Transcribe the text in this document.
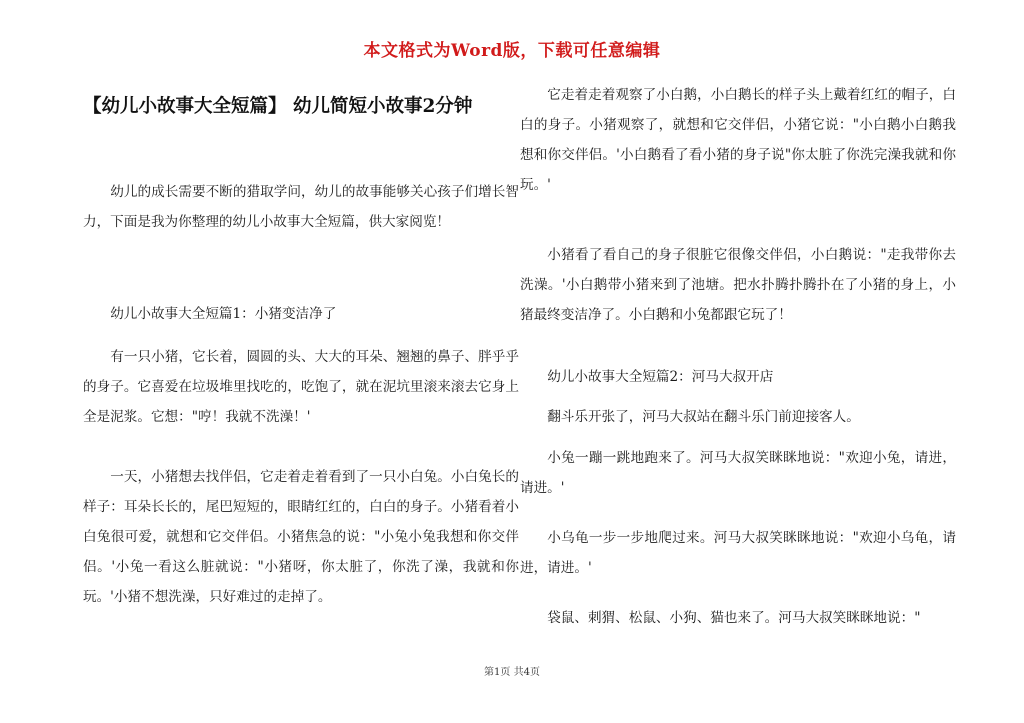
本文格式为Word版，下载可任意编辑
【幼儿小故事大全短篇】 幼儿简短小故事2分钟

幼儿的成长需要不断的猎取学问，幼儿的故事能够关心孩子们增长智力，下面是我为你整理的幼儿小故事大全短篇，供大家阅览！

幼儿小故事大全短篇1：小猪变洁净了

有一只小猪，它长着，圆圆的头、大大的耳朵、翘翘的鼻子、胖乎乎的身子。它喜爱在垃圾堆里找吃的，吃饱了，就在泥坑里滚来滚去它身上全是泥浆。它想："哼！我就不洗澡！'

一天，小猪想去找伴侣，它走着走着看到了一只小白兔。小白兔长的样子：耳朵长长的，尾巴短短的，眼睛红红的，白白的身子。小猪看着小白兔很可爱，就想和它交伴侣。小猪焦急的说："小兔小兔我想和你交伴侣。'小兔一看这么脏就说："小猪呀，你太脏了，你洗了澡，我就和你玩。'小猪不想洗澡，只好难过的走掉了。

它走着走着观察了小白鹅，小白鹅长的样子头上戴着红红的帽子，白白的身子。小猪观察了，就想和它交伴侣，小猪它说："小白鹅小白鹅我想和你交伴侣。'小白鹅看了看小猪的身子说"你太脏了你洗完澡我就和你玩。'

小猪看了看自己的身子很脏它很像交伴侣，小白鹅说："走我带你去洗澡。'小白鹅带小猪来到了池塘。把水扑腾扑腾扑在了小猪的身上，小猪最终变洁净了。小白鹅和小兔都跟它玩了！

幼儿小故事大全短篇2：河马大叔开店

翻斗乐开张了，河马大叔站在翻斗乐门前迎接客人。

小兔一蹦一跳地跑来了。河马大叔笑眯眯地说："欢迎小兔，请进，请进。'

小乌龟一步一步地爬过来。河马大叔笑眯眯地说："欢迎小乌龟，请进，请进。'

袋鼠、刺猬、松鼠、小狗、猫也来了。河马大叔笑眯眯地说："

第1页 共4页
